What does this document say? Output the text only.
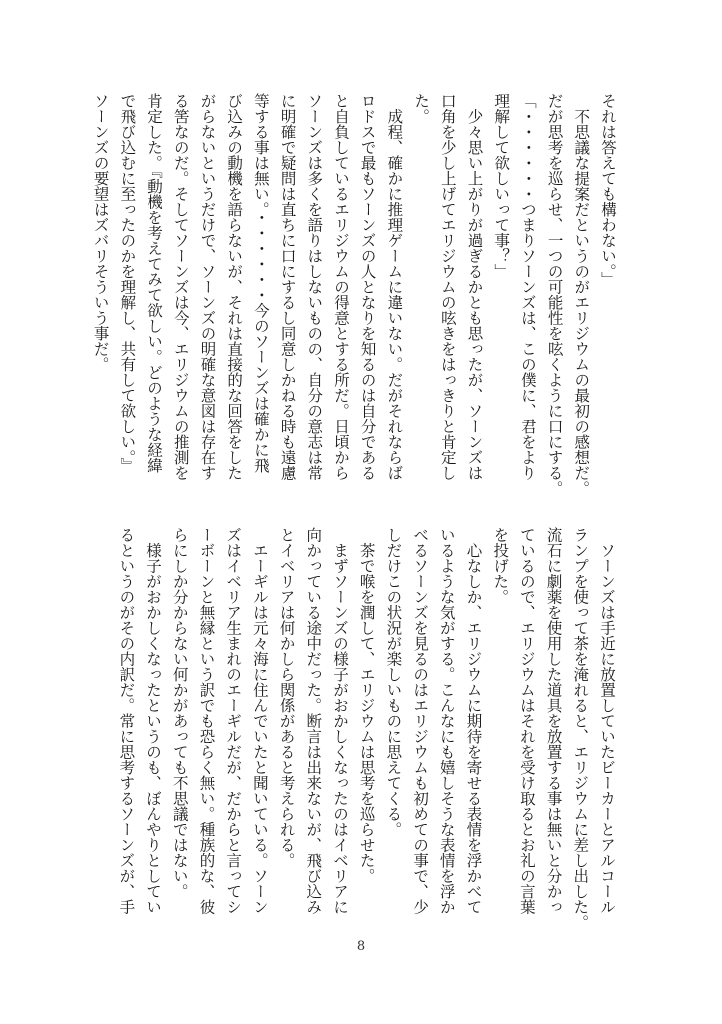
それは答えても構わない。」
　不思議な提案だというのがエリジウムの最初の感想だ。
だが思考を巡らせ、一つの可能性を呟くように口にする。
「・・・・・・つまりソーンズは、この僕に、君をより
理解して欲しいって事？」
　少々思い上がりが過ぎるかとも思ったが、ソーンズは
口角を少し上げてエリジウムの呟きをはっきりと肯定し
た。
　成程、確かに推理ゲームに違いない。だがそれならば
ロドスで最もソーンズの人となりを知るのは自分である
と自負しているエリジウムの得意とする所だ。日頃から
ソーンズは多くを語りはしないものの、自分の意志は常
に明確で疑問は直ちに口にするし同意しかねる時も遠慮
等する事は無い。・・・・・・今のソーンズは確かに飛
び込みの動機を語らないが、それは直接的な回答をした
がらないというだけで、ソーンズの明確な意図は存在す
る筈なのだ。そしてソーンズは今、エリジウムの推測を
肯定した。『動機を考えてみて欲しい。どのような経緯
で飛び込むに至ったのかを理解し、共有して欲しい。』
ソーンズの要望はズバリそういう事だ。
　ソーンズは手近に放置していたビーカーとアルコール
ランプを使って茶を淹れると、エリジウムに差し出した。
流石に劇薬を使用した道具を放置する事は無いと分かっ
ているので、エリジウムはそれを受け取るとお礼の言葉
を投げた。
　心なしか、エリジウムに期待を寄せる表情を浮かべて
いるような気がする。こんなにも嬉しそうな表情を浮か
べるソーンズを見るのはエリジウムも初めての事で、少
しだけこの状況が楽しいものに思えてくる。
　茶で喉を潤して、エリジウムは思考を巡らせた。
　まずソーンズの様子がおかしくなったのはイベリアに
向かっている途中だった。断言は出来ないが、飛び込み
とイベリアは何かしら関係があると考えられる。
　エーギルは元々海に住んでいたと聞いている。ソーン
ズはイベリア生まれのエーギルだが、だからと言ってシ
ーボーンと無縁という訳でも恐らく無い。種族的な、彼
らにしか分からない何かがあっても不思議ではない。
　様子がおかしくなったというのも、ぼんやりとしてい
るというのがその内訳だ。常に思考するソーンズが、手
8
